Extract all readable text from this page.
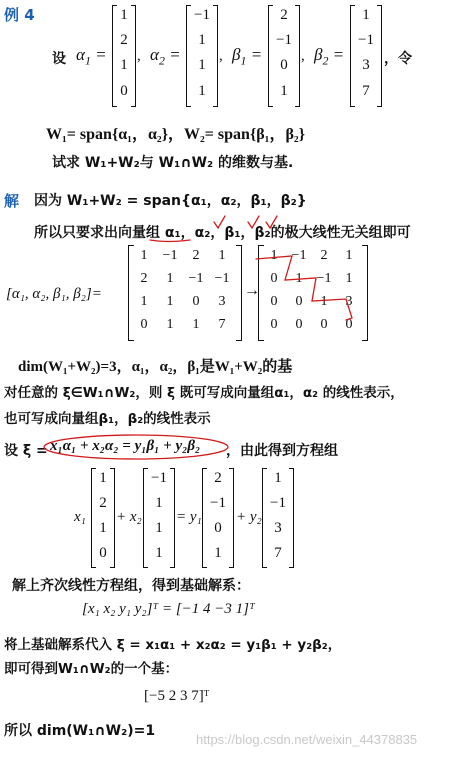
例 4
设 $\alpha_1$ =
1
2
1
0
, $\alpha_2$ =
−1
1
1
1
, $\beta_1$ =
2
−1
0
1
, $\beta_2$ =
1
−1
3
7
，令
W₁= span{α₁，α₂}，W₂= span{β₁，β₂}
试求 W₁+W₂与 W₁∩W₂ 的维数与基.
解 因为 W₁+W₂ = span{α₁，α₂，β₁，β₂}
所以只要求出向量组 α₁，α₂，β₁，β₂的极大线性无关组即可
[α₁, α₂, β₁, β₂]=
1	−1	2	1
2	1	−1 −1
1	1	0	3
0	1	1	7
→
1	−1	2	1
0	1	−1	1
0	0	1	3
0	0	0	0
dim(W₁+W₂)=3，α₁，α₂，β₁是W₁+W₂的基
对任意的 ξ∈W₁∩W₂，则 ξ 既可写成向量组α₁，α₂ 的线性表示，
也可写成向量组β₁，β₂的线性表示
设 ξ = x₁α₁ + x₂α₂ = y₁β₁ + y₂β₂ ，由此得到方程组
x₁
1
2
1
0
+ x₂
−1
1
1
1
= y₁
2
−1
0
1
+ y₂
1
−1
3
7
解上齐次线性方程组，得到基础解系：
[x₁ x₂ y₁ y₂]ᵀ = [−1 4 −3 1]ᵀ
将上基础解系代入 ξ = x₁α₁ + x₂α₂ = y₁β₁ + y₂β₂，
即可得到W₁∩W₂的一个基：
[−5 2 3 7]ᵀ
所以 dim(W₁∩W₂)=1
https://blog.csdn.net/weixin_44378835
